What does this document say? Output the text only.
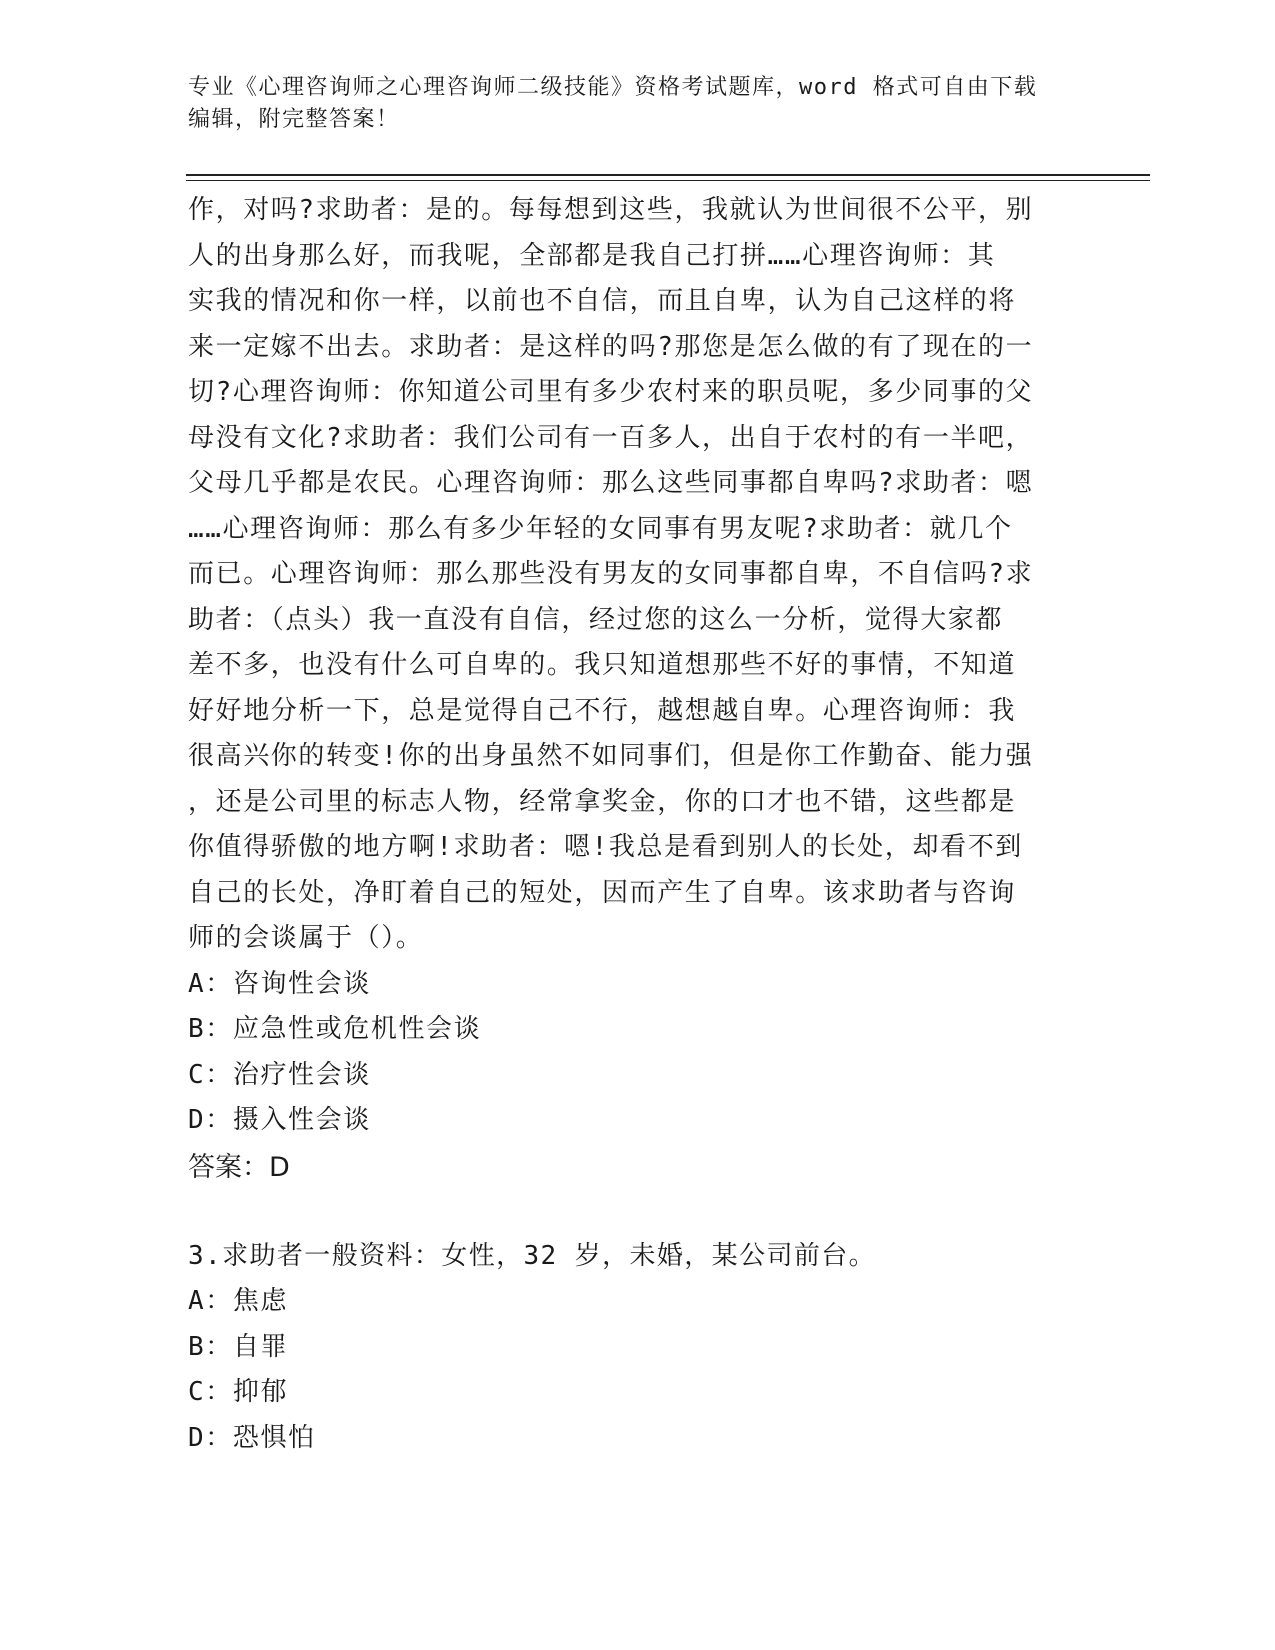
专业《心理咨询师之心理咨询师二级技能》资格考试题库，word 格式可自由下载
编辑，附完整答案！

作，对吗?求助者：是的。每每想到这些，我就认为世间很不公平，别

人的出身那么好，而我呢，全部都是我自己打拼……心理咨询师：其

实我的情况和你一样，以前也不自信，而且自卑，认为自己这样的将

来一定嫁不出去。求助者：是这样的吗?那您是怎么做的有了现在的一

切?心理咨询师：你知道公司里有多少农村来的职员呢，多少同事的父

母没有文化?求助者：我们公司有一百多人，出自于农村的有一半吧，

父母几乎都是农民。心理咨询师：那么这些同事都自卑吗?求助者：嗯

……心理咨询师：那么有多少年轻的女同事有男友呢?求助者：就几个

而已。心理咨询师：那么那些没有男友的女同事都自卑，不自信吗?求

助者：（点头）我一直没有自信，经过您的这么一分析，觉得大家都

差不多，也没有什么可自卑的。我只知道想那些不好的事情，不知道

好好地分析一下，总是觉得自己不行，越想越自卑。心理咨询师：我

很高兴你的转变!你的出身虽然不如同事们，但是你工作勤奋、能力强

，还是公司里的标志人物，经常拿奖金，你的口才也不错，这些都是

你值得骄傲的地方啊!求助者：嗯!我总是看到别人的长处，却看不到

自己的长处，净盯着自己的短处，因而产生了自卑。该求助者与咨询

师的会谈属于（）。

A：咨询性会谈

B：应急性或危机性会谈

C：治疗性会谈

D：摄入性会谈

答案：D

3.求助者一般资料：女性，32 岁，未婚，某公司前台。

A：焦虑

B：自罪

C：抑郁

D：恐惧怕
